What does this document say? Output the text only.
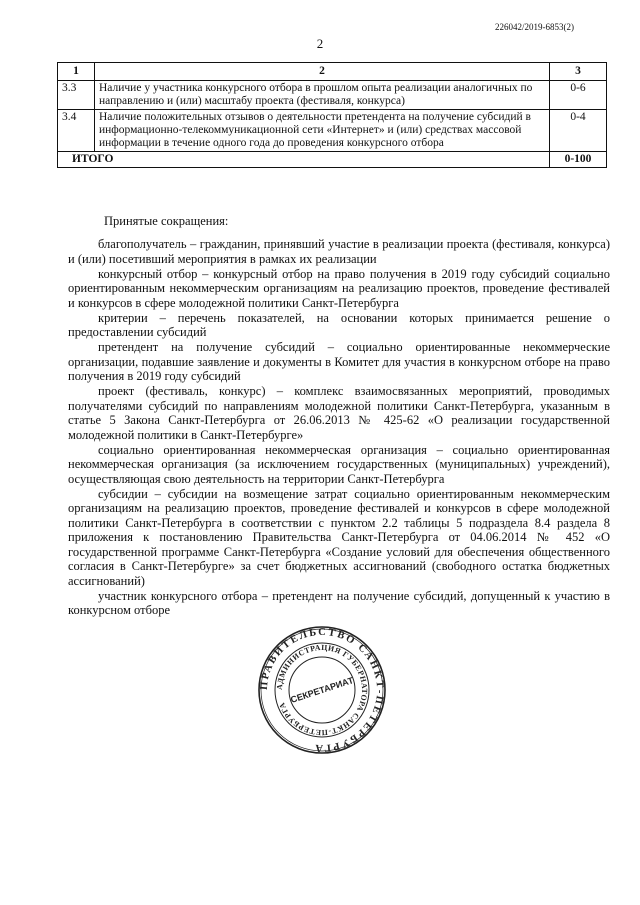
226042/2019-6853(2)
2
1	2	3
3.3	Наличие у участника конкурсного отбора в прошлом опыта реализации аналогичных по направлению и (или) масштабу проекта (фестиваля, конкурса)	0-6
3.4	Наличие положительных отзывов о деятельности претендента на получение субсидий в информационно-телекоммуникационной сети «Интернет» и (или) средствах массовой информации в течение одного года до проведения конкурсного отбора	0-4
ИТОГО		0-100
Принятые сокращения:

благополучатель – гражданин, принявший участие в реализации проекта (фестиваля, конкурса) и (или) посетивший мероприятия в рамках их реализации

конкурсный отбор – конкурсный отбор на право получения в 2019 году субсидий социально ориентированным некоммерческим организациям на реализацию проектов, проведение фестивалей и конкурсов в сфере молодежной политики Санкт-Петербурга

критерии – перечень показателей, на основании которых принимается решение о предоставлении субсидий

претендент на получение субсидий – социально ориентированные некоммерческие организации, подавшие заявление и документы в Комитет для участия в конкурсном отборе на право получения в 2019 году субсидий

проект (фестиваль, конкурс) – комплекс взаимосвязанных мероприятий, проводимых получателями субсидий по направлениям молодежной политики Санкт-Петербурга, указанным в статье 5 Закона Санкт-Петербурга от 26.06.2013 № 425-62 «О реализации государственной молодежной политики в Санкт-Петербурге»

социально ориентированная некоммерческая организация – социально ориентированная некоммерческая организация (за исключением государственных (муниципальных) учреждений), осуществляющая свою деятельность на территории Санкт-Петербурга

субсидии – субсидии на возмещение затрат социально ориентированным некоммерческим организациям на реализацию проектов, проведение фестивалей и конкурсов в сфере молодежной политики Санкт-Петербурга в соответствии с пунктом 2.2 таблицы 5 подраздела 8.4 раздела 8 приложения к постановлению Правительства Санкт-Петербурга от 04.06.2014 № 452 «О государственной программе Санкт-Петербурга «Создание условий для обеспечения общественного согласия в Санкт-Петербурге» за счет бюджетных ассигнований (свободного остатка бюджетных ассигнований)

участник конкурсного отбора – претендент на получение субсидий, допущенный к участию в конкурсном отборе

ПРАВИТЕЛЬСТВО САНКТ-ПЕТЕРБУРГА
АДМИНИСТРАЦИЯ ГУБЕРНАТОРА САНКТ-ПЕТЕРБУРГА
СЕКРЕТАРИАТ
